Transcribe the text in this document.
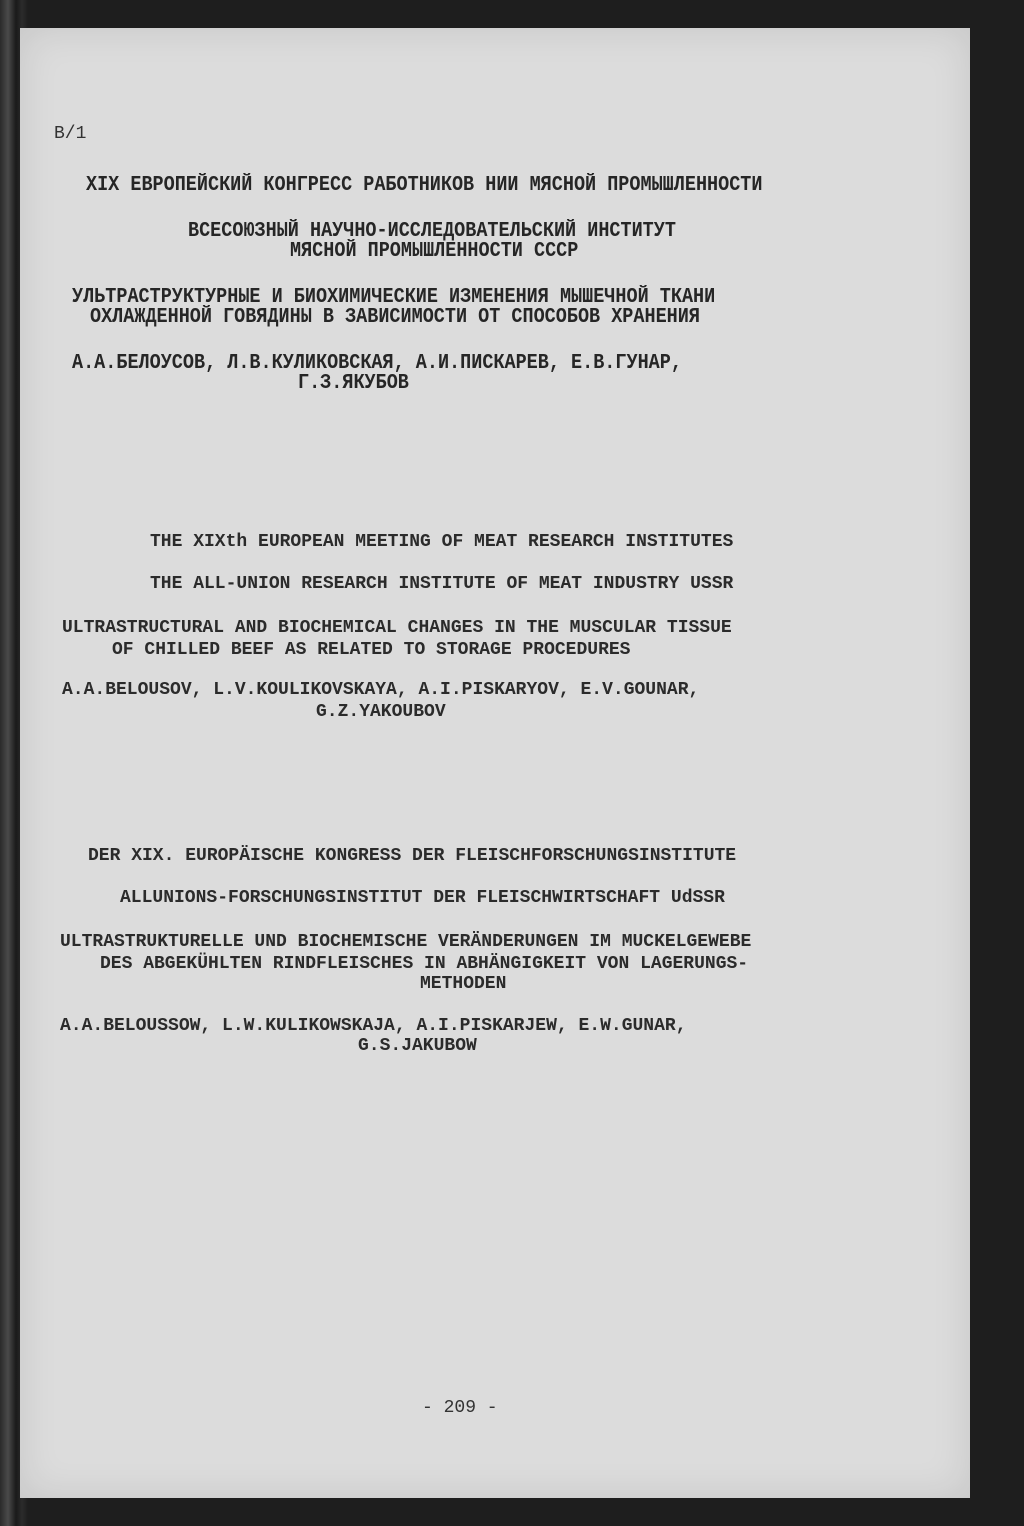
B/1
XIX ЕВРОПЕЙСКИЙ КОНГРЕСС РАБОТНИКОВ НИИ МЯСНОЙ ПРОМЫШЛЕННОСТИ
ВСЕСОЮЗНЫЙ НАУЧНО-ИССЛЕДОВАТЕЛЬСКИЙ ИНСТИТУТ
МЯСНОЙ ПРОМЫШЛЕННОСТИ СССР
УЛЬТРАСТРУКТУРНЫЕ И БИОХИМИЧЕСКИЕ ИЗМЕНЕНИЯ МЫШЕЧНОЙ ТКАНИ
ОХЛАЖДЕННОЙ ГОВЯДИНЫ В ЗАВИСИМОСТИ ОТ СПОСОБОВ ХРАНЕНИЯ
А.А.БЕЛОУСОВ, Л.В.КУЛИКОВСКАЯ, А.И.ПИСКАРЕВ, Е.В.ГУНАР,
Г.З.ЯКУБОВ
THE XIXth EUROPEAN MEETING OF MEAT RESEARCH INSTITUTES
THE ALL-UNION RESEARCH INSTITUTE OF MEAT INDUSTRY USSR
ULTRASTRUCTURAL AND BIOCHEMICAL CHANGES IN THE MUSCULAR TISSUE
OF CHILLED BEEF AS RELATED TO STORAGE PROCEDURES
A.A.BELOUSOV, L.V.KOULIKOVSKAYA, A.I.PISKARYOV, E.V.GOUNAR,
G.Z.YAKOUBOV
DER XIX. EUROPÄISCHE KONGRESS DER FLEISCHFORSCHUNGSINSTITUTE
ALLUNIONS-FORSCHUNGSINSTITUT DER FLEISCHWIRTSCHAFT UdSSR
ULTRASTRUKTURELLE UND BIOCHEMISCHE VERÄNDERUNGEN IM MUCKELGEWEBE
DES ABGEKÜHLTEN RINDFLEISCHES IN ABHÄNGIGKEIT VON LAGERUNGS-
METHODEN
A.A.BELOUSSOW, L.W.KULIKOWSKAJA, A.I.PISKARJEW, E.W.GUNAR,
G.S.JAKUBOW
- 209 -
